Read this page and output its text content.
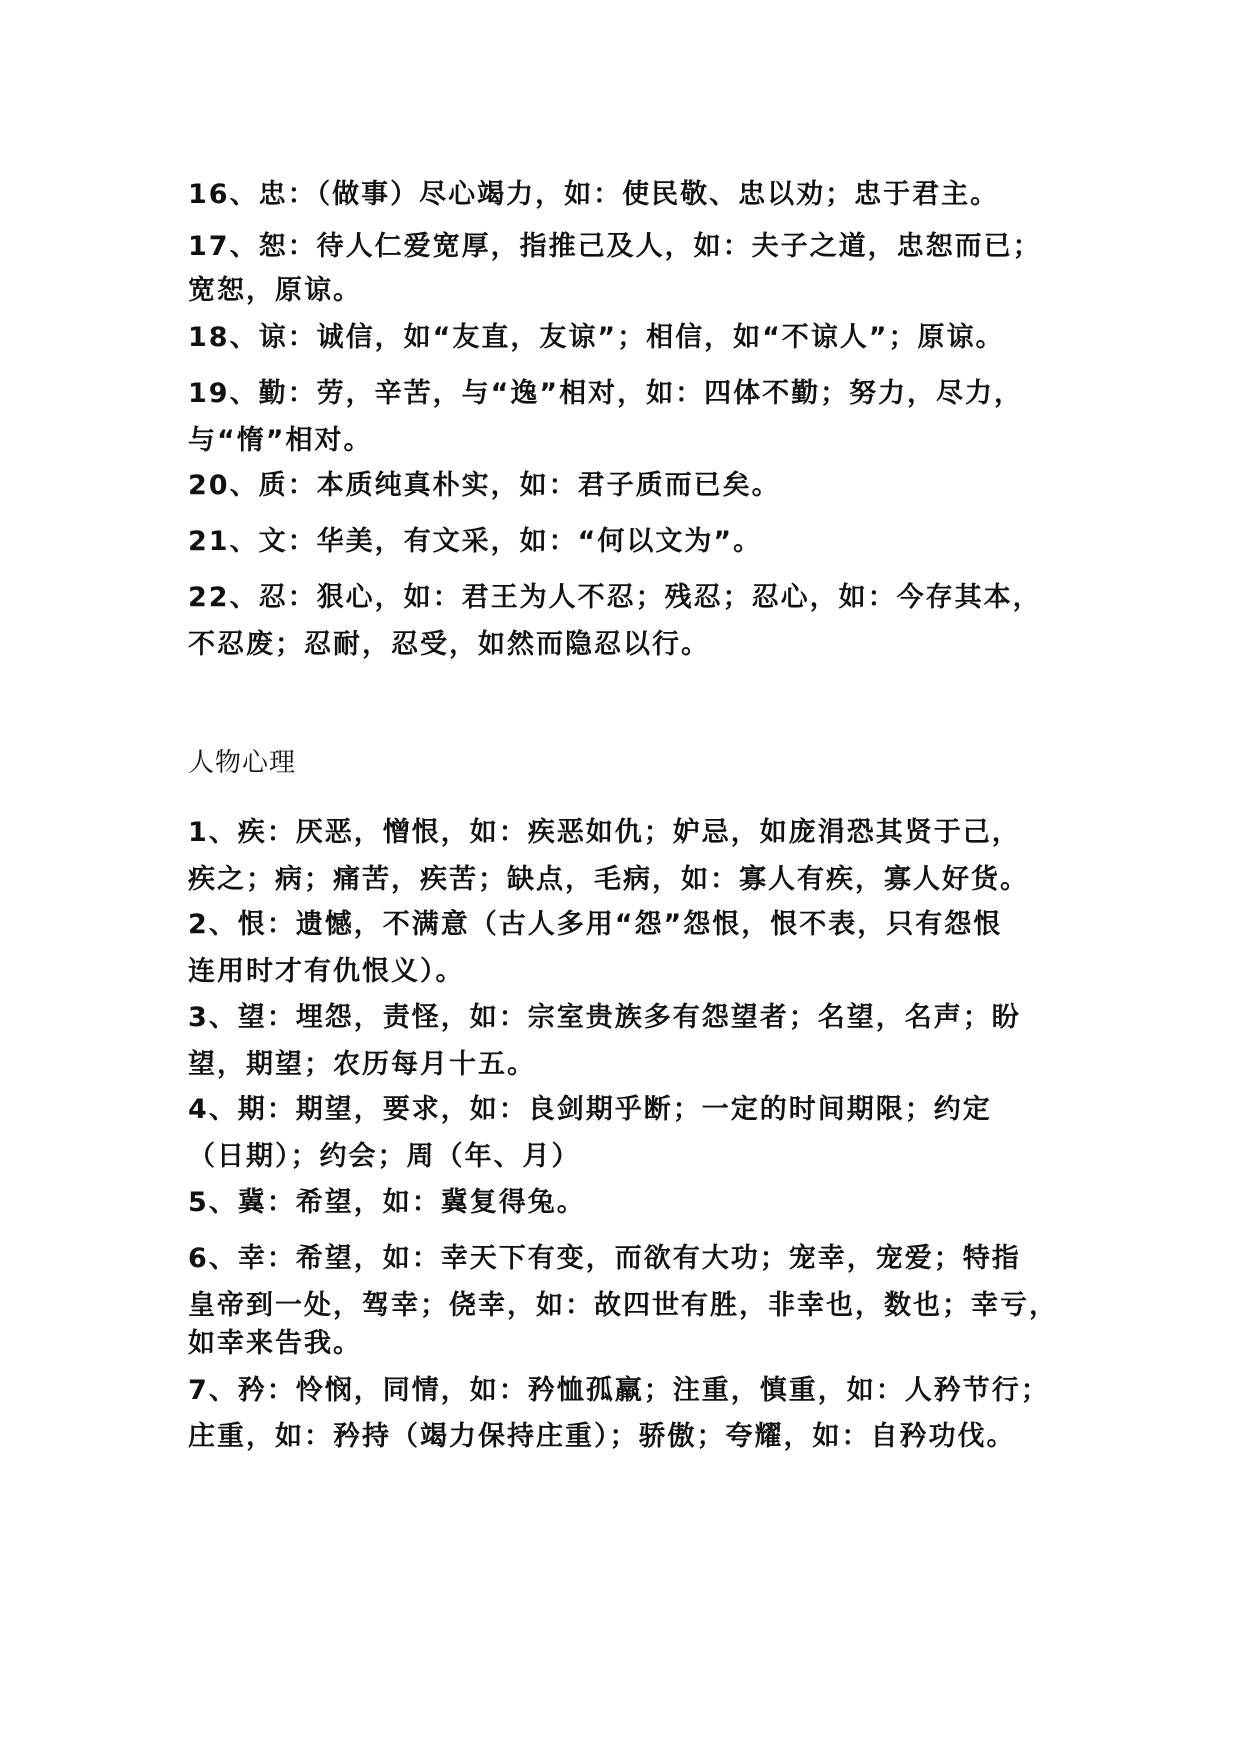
16、忠：（做事）尽心竭力，如：使民敬、忠以劝；忠于君主。
17、恕：待人仁爱宽厚，指推己及人，如：夫子之道，忠恕而已；
宽恕，原谅。
18、谅：诚信，如“友直，友谅”；相信，如“不谅人”；原谅。
19、勤：劳，辛苦，与“逸”相对，如：四体不勤；努力，尽力，
与“惰”相对。
20、质：本质纯真朴实，如：君子质而已矣。
21、文：华美，有文采，如：“何以文为”。
22、忍：狠心，如：君王为人不忍；残忍；忍心，如：今存其本，
不忍废；忍耐，忍受，如然而隐忍以行。
人物心理
1、疾：厌恶，憎恨，如：疾恶如仇；妒忌，如庞涓恐其贤于己，
疾之；病；痛苦，疾苦；缺点，毛病，如：寡人有疾，寡人好货。
2、恨：遗憾，不满意（古人多用“怨”怨恨，恨不表，只有怨恨
连用时才有仇恨义）。
3、望：埋怨，责怪，如：宗室贵族多有怨望者；名望，名声；盼
望，期望；农历每月十五。
4、期：期望，要求，如：良剑期乎断；一定的时间期限；约定
（日期）；约会；周（年、月）
5、冀：希望，如：冀复得兔。
6、幸：希望，如：幸天下有变，而欲有大功；宠幸，宠爱；特指
皇帝到一处，驾幸；侥幸，如：故四世有胜，非幸也，数也；幸亏，
如幸来告我。
7、矜：怜悯，同情，如：矜恤孤羸；注重，慎重，如：人矜节行；
庄重，如：矜持（竭力保持庄重）；骄傲；夸耀，如：自矜功伐。
